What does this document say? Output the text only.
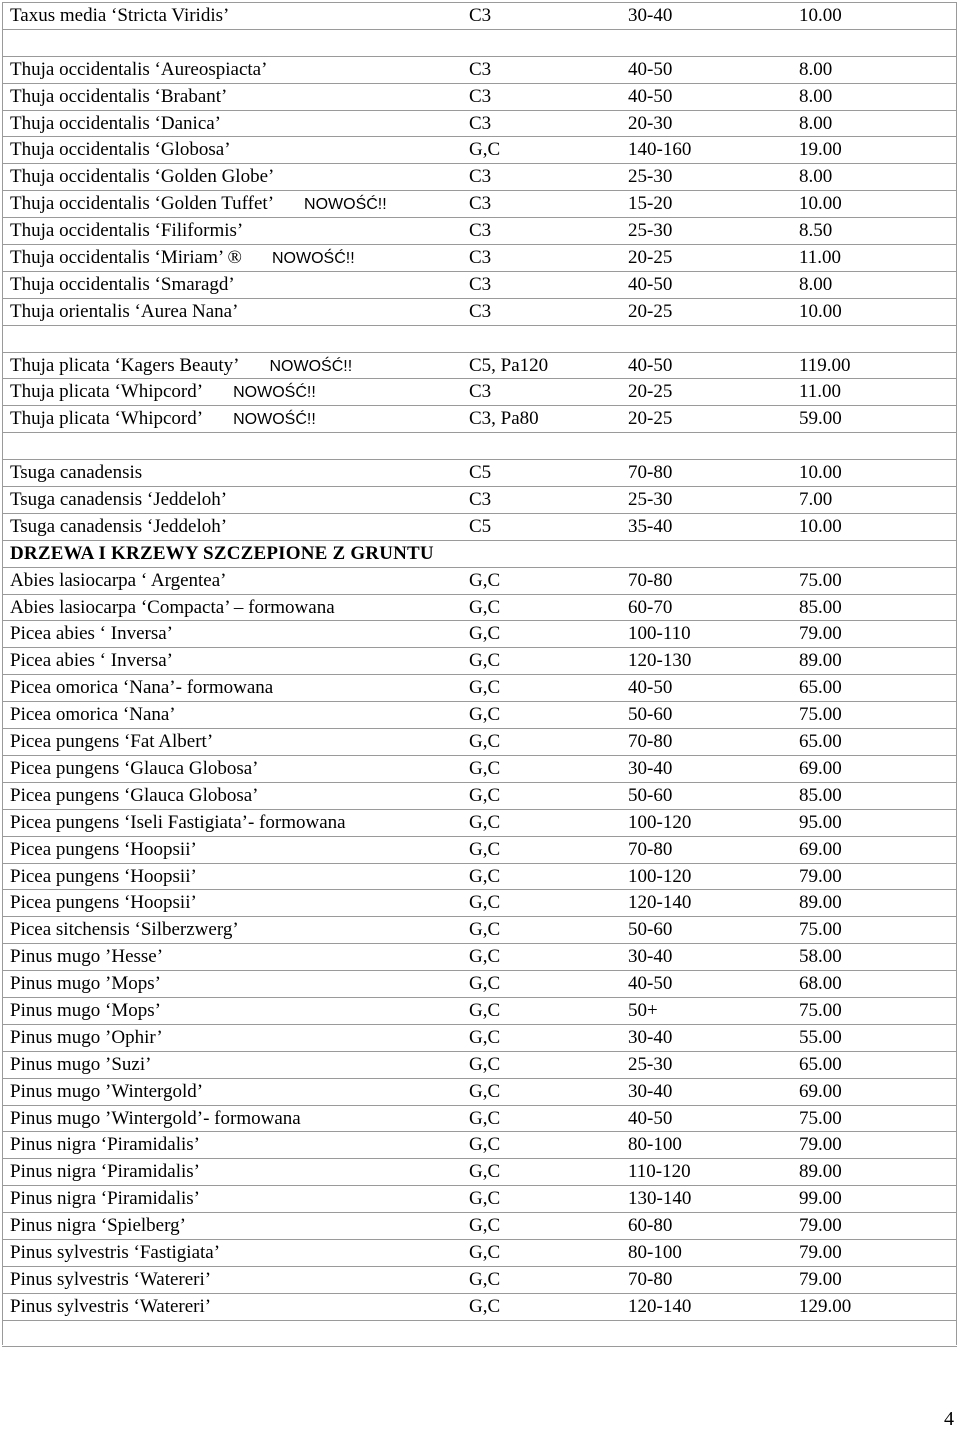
Taxus media ‘Stricta Viridis’	C3	30-40	10.00
Thuja occidentalis ‘Aureospiacta’	C3	40-50	8.00
Thuja occidentalis ‘Brabant’	C3	40-50	8.00
Thuja occidentalis ‘Danica’	C3	20-30	8.00
Thuja occidentalis ‘Globosa’	G,C	140-160	19.00
Thuja occidentalis ‘Golden Globe’	C3	25-30	8.00
Thuja occidentalis ‘Golden Tuffet’ NOWOŚĆ!!	C3	15-20	10.00
Thuja occidentalis ‘Filiformis’	C3	25-30	8.50
Thuja occidentalis ‘Miriam’ ® NOWOŚĆ!!	C3	20-25	11.00
Thuja occidentalis ‘Smaragd’	C3	40-50	8.00
Thuja orientalis ‘Aurea Nana’	C3	20-25	10.00
Thuja plicata ‘Kagers Beauty’ NOWOŚĆ!!	C5, Pa120	40-50	119.00
Thuja plicata ‘Whipcord’ NOWOŚĆ!!	C3	20-25	11.00
Thuja plicata ‘Whipcord’ NOWOŚĆ!!	C3, Pa80	20-25	59.00
Tsuga canadensis	C5	70-80	10.00
Tsuga canadensis ‘Jeddeloh’	C3	25-30	7.00
Tsuga canadensis ‘Jeddeloh’	C5	35-40	10.00
DRZEWA I KRZEWY SZCZEPIONE Z GRUNTU
Abies lasiocarpa ‘ Argentea’	G,C	70-80	75.00
Abies lasiocarpa ‘Compacta’ – formowana	G,C	60-70	85.00
Picea abies ‘ Inversa’	G,C	100-110	79.00
Picea abies ‘ Inversa’	G,C	120-130	89.00
Picea omorica ‘Nana’- formowana	G,C	40-50	65.00
Picea omorica ‘Nana’	G,C	50-60	75.00
Picea pungens ‘Fat Albert’	G,C	70-80	65.00
Picea pungens ‘Glauca Globosa’	G,C	30-40	69.00
Picea pungens ‘Glauca Globosa’	G,C	50-60	85.00
Picea pungens ‘Iseli Fastigiata’- formowana	G,C	100-120	95.00
Picea pungens ‘Hoopsii’	G,C	70-80	69.00
Picea pungens ‘Hoopsii’	G,C	100-120	79.00
Picea pungens ‘Hoopsii’	G,C	120-140	89.00
Picea sitchensis ‘Silberzwerg’	G,C	50-60	75.00
Pinus mugo ’Hesse’	G,C	30-40	58.00
Pinus mugo ’Mops’	G,C	40-50	68.00
Pinus mugo ‘Mops’	G,C	50+	75.00
Pinus mugo ’Ophir’	G,C	30-40	55.00
Pinus mugo ’Suzi’	G,C	25-30	65.00
Pinus mugo ’Wintergold’	G,C	30-40	69.00
Pinus mugo ’Wintergold’- formowana	G,C	40-50	75.00
Pinus nigra ‘Piramidalis’	G,C	80-100	79.00
Pinus nigra ‘Piramidalis’	G,C	110-120	89.00
Pinus nigra ‘Piramidalis’	G,C	130-140	99.00
Pinus nigra ‘Spielberg’	G,C	60-80	79.00
Pinus sylvestris ‘Fastigiata’	G,C	80-100	79.00
Pinus sylvestris ‘Watereri’	G,C	70-80	79.00
Pinus sylvestris ‘Watereri’	G,C	120-140	129.00
4
